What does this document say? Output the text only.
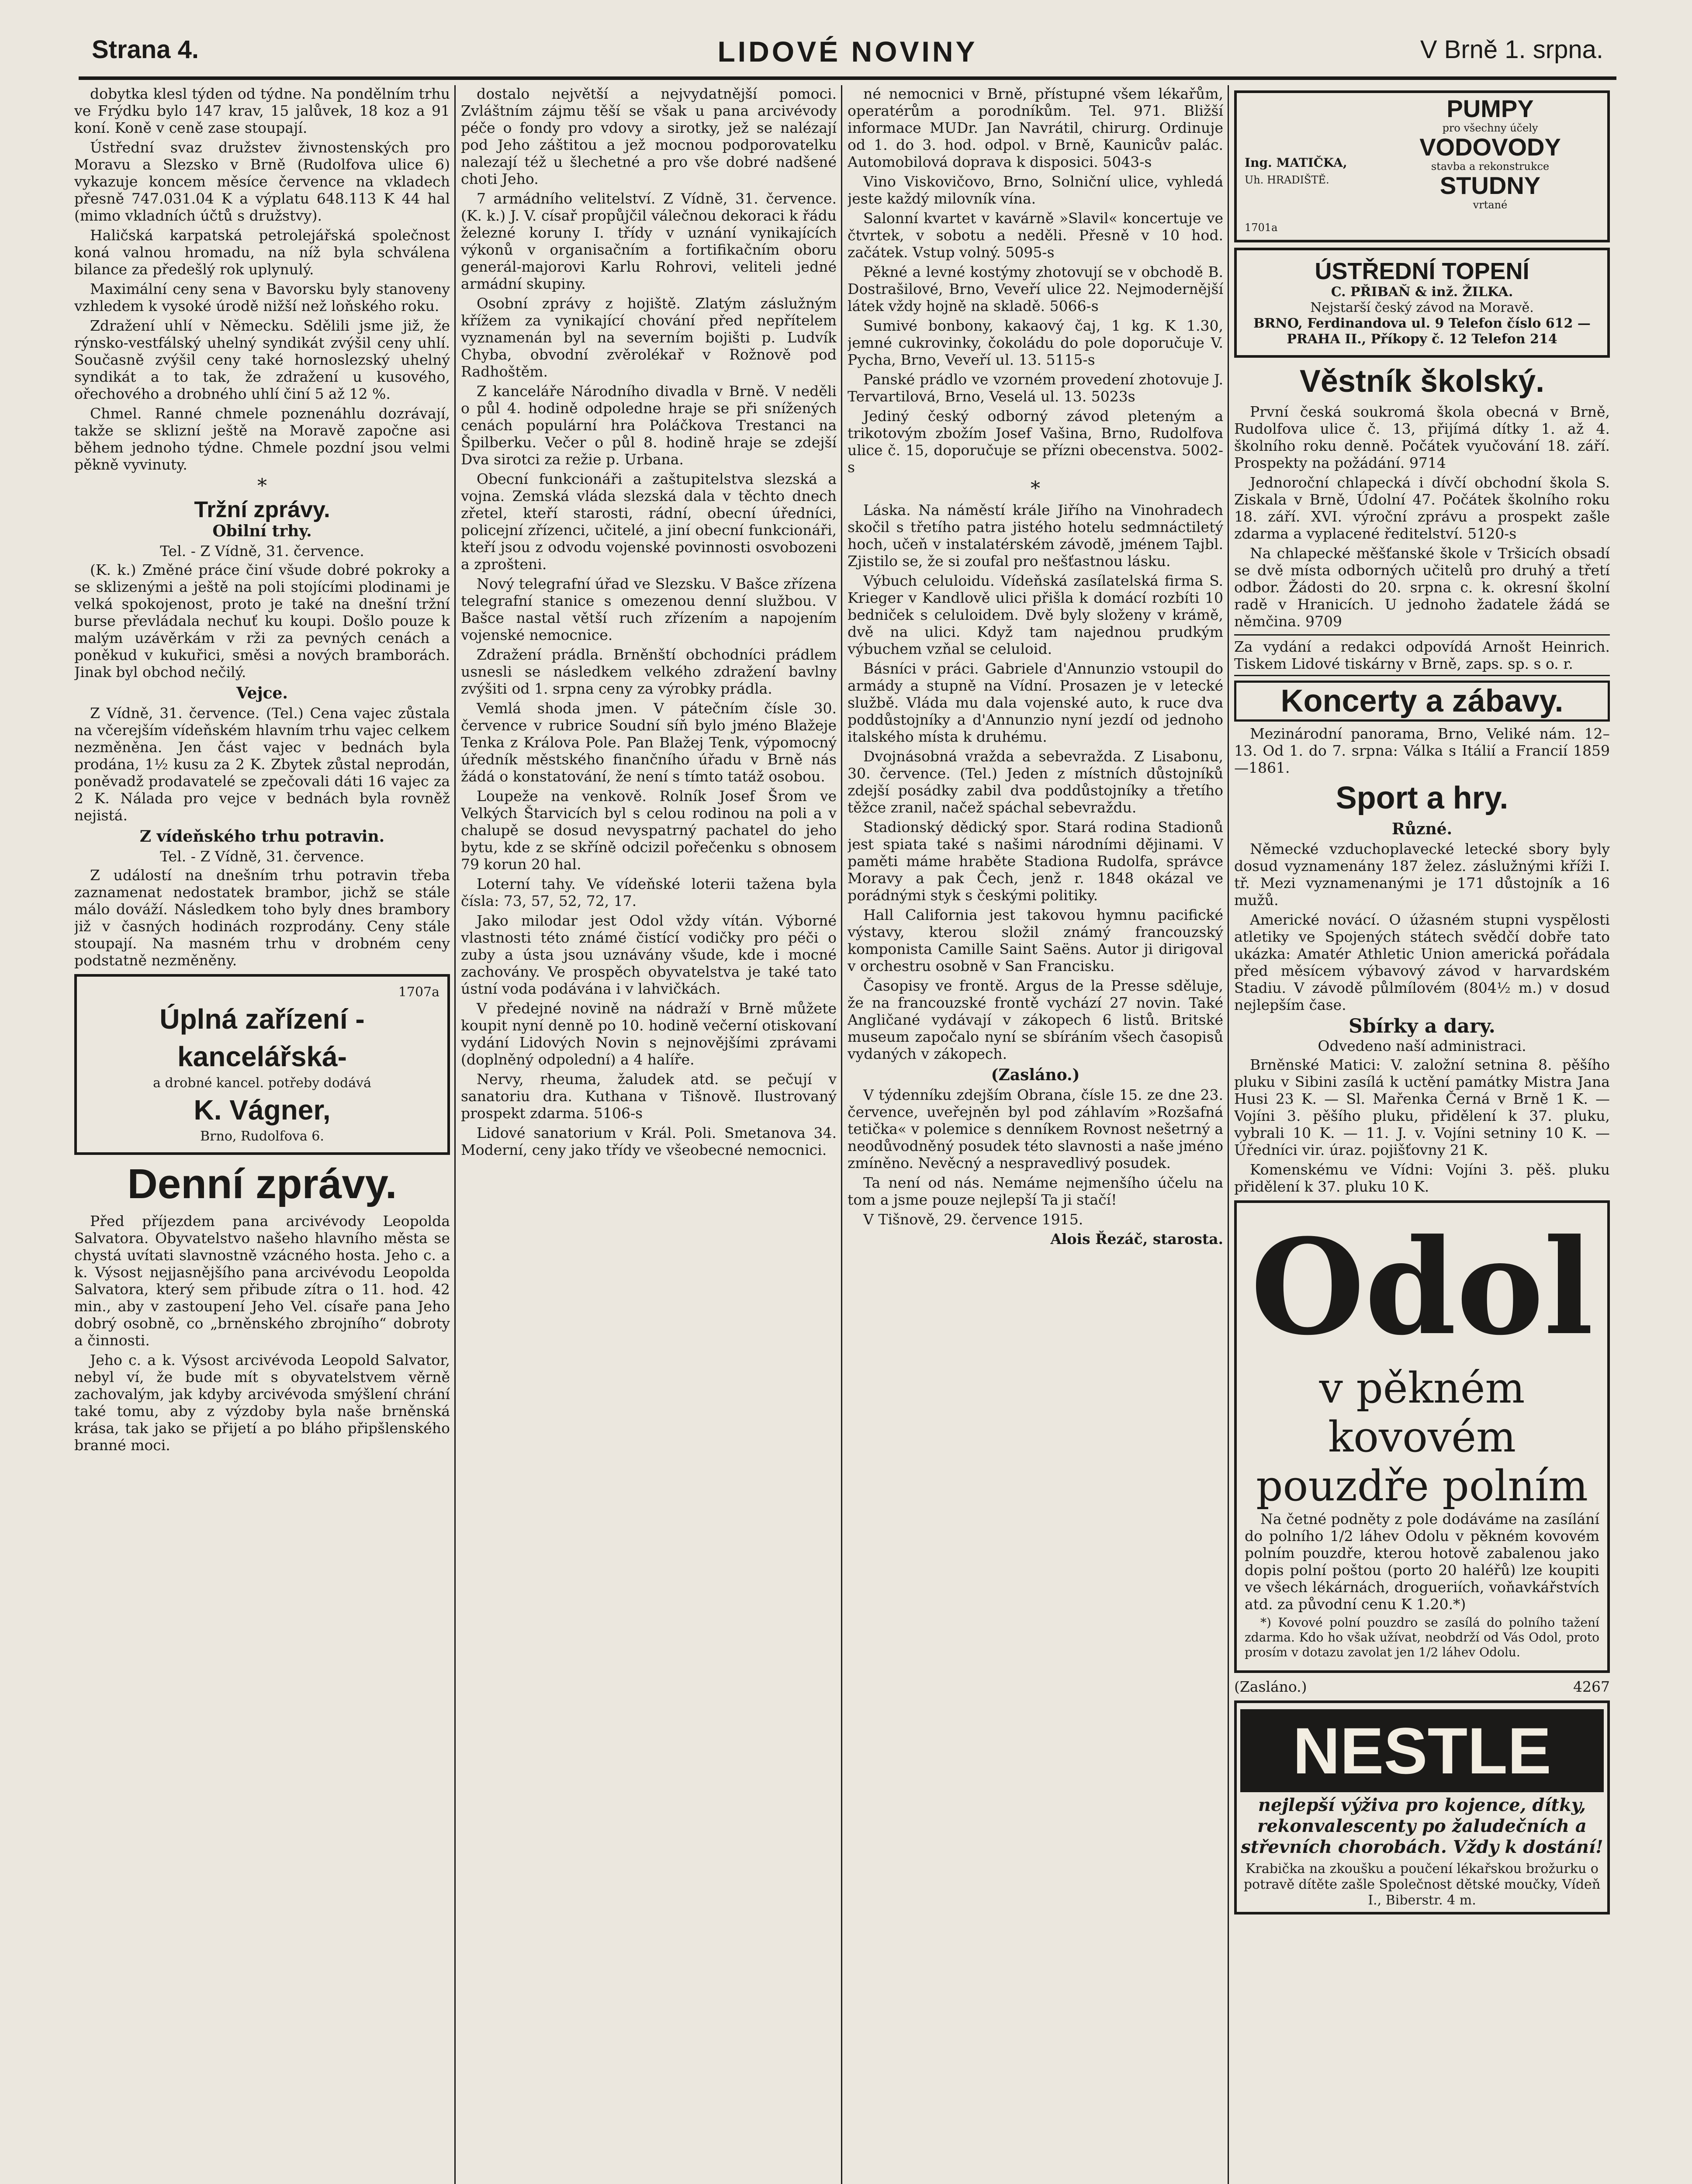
Strana 4.	LIDOVÉ NOVINY	V Brně 1. srpna.

dobytka klesl týden od týdne. Na pondělním trhu ve Frýdku bylo 147 krav, 15 jalůvek, 18 koz a 91 koní. Koně v ceně zase stoupají.

Ústřední svaz družstev živnostenských pro Moravu a Slezsko v Brně (Rudolfova ulice 6) vykazuje koncem měsíce července na vkladech přesně 747.031.04 K a výplatu 648.113 K 44 hal (mimo vkladních účtů s družstvy).

Haličská karpatská petrolejářská společnost koná valnou hromadu, na níž byla schválena bilance za předešlý rok uplynulý.

Maximální ceny sena v Bavorsku byly stanoveny vzhledem k vysoké úrodě nižší než loňského roku.

Zdražení uhlí v Německu. Sdělili jsme již, že rýnsko-vestfálský uhelný syndikát zvýšil ceny uhlí. Současně zvýšil ceny také hornoslezský uhelný syndikát a to tak, že zdražení u kusového, ořechového a drobného uhlí činí 5 až 12 %.

Chmel. Ranné chmele poznenáhlu dozrávají, takže se sklizní ještě na Moravě započne asi během jednoho týdne. Chmele pozdní jsou velmi pěkně vyvinuty.

*
Tržní zprávy.
Obilní trhy.
Tel. - Z Vídně, 31. července.

(K. k.) Změné práce činí všude dobré pokroky a se sklizenými a ještě na poli stojícími plodinami je velká spokojenost, proto je také na dnešní tržní burse převládala nechuť ku koupi. Došlo pouze k malým uzávěrkám v rži za pevných cenách a poněkud v kukuřici, směsi a nových bramborách. Jinak byl obchod nečilý.

Vejce.

Z Vídně, 31. července. (Tel.) Cena vajec zůstala na včerejším vídeňském hlavním trhu vajec celkem nezměněna. Jen část vajec v bednách byla prodána, 1½ kusu za 2 K. Zbytek zůstal neprodán, poněvadž prodavatelé se zpečovali dáti 16 vajec za 2 K. Nálada pro vejce v bednách byla rovněž nejistá.

Z vídeňského trhu potravin.
Tel. - Z Vídně, 31. července.

Z událostí na dnešním trhu potravin třeba zaznamenat nedostatek brambor, jichž se stále málo dováží. Následkem toho byly dnes brambory již v časných hodinách rozprodány. Ceny stále stoupají. Na masném trhu v drobném ceny podstatně nezměněny.

1707a
Úplná zařízení -kancelářská-
a drobné kancel. potřeby dodává
K. Vágner,
Brno, Rudolfova 6.
Denní zprávy.

Před příjezdem pana arcivévody Leopolda Salvatora. Obyvatelstvo našeho hlavního města se chystá uvítati slavnostně vzácného hosta. Jeho c. a k. Výsost nejjasnějšího pana arcivévodu Leopolda Salvatora, který sem přibude zítra o 11. hod. 42 min., aby v zastoupení Jeho Vel. císaře pana Jeho dobrý osobně, co „brněnského zbrojního“ dobroty a činnosti.

Jeho c. a k. Výsost arcivévoda Leopold Salvator, nebyl ví, že bude mít s obyvatelstvem věrně zachovalým, jak kdyby arcivévoda smýšlení chrání také tomu, aby z výzdoby byla naše brněnská krása, tak jako se přijetí a po bláho připšlenského branné moci.

dostalo největší a nejvydatnější pomoci. Zvláštním zájmu těší se však u pana arcivévody péče o fondy pro vdovy a sirotky, jež se nalézají pod Jeho záštitou a jež mocnou podporovatelku nalezají též u šlechetné a pro vše dobré nadšené choti Jeho.

7 armádního velitelství. Z Vídně, 31. července. (K. k.) J. V. císař propůjčil válečnou dekoraci k řádu železné koruny I. třídy v uznání vynikajících výkonů v organisačním a fortifikačním oboru generál-majorovi Karlu Rohrovi, veliteli jedné armádní skupiny.

Osobní zprávy z hojiště. Zlatým záslužným křížem za vynikající chování před nepřítelem vyznamenán byl na severním bojišti p. Ludvík Chyba, obvodní zvěrolékař v Rožnově pod Radhoštěm.

Z kanceláře Národního divadla v Brně. V neděli o půl 4. hodině odpoledne hraje se při snížených cenách populární hra Poláčkova Trestanci na Špilberku. Večer o půl 8. hodině hraje se zdejší Dva sirotci za režie p. Urbana.

Obecní funkcionáři a zaštupitelstva slezská a vojna. Zemská vláda slezská dala v těchto dnech zřetel, kteří starosti, rádní, obecní úředníci, policejní zřízenci, učitelé, a jiní obecní funkcionáři, kteří jsou z odvodu vojenské povinnosti osvobozeni a zprošteni.

Nový telegrafní úřad ve Slezsku. V Bašce zřízena telegrafní stanice s omezenou denní službou. V Bašce nastal větší ruch zřízením a napojením vojenské nemocnice.

Zdražení prádla. Brněnští obchodníci prádlem usnesli se následkem velkého zdražení bavlny zvýšiti od 1. srpna ceny za výrobky prádla.

Vemlá shoda jmen. V pátečním čísle 30. července v rubrice Soudní síň bylo jméno Blažeje Tenka z Králova Pole. Pan Blažej Tenk, výpomocný úředník městského finančního úřadu v Brně nás žádá o konstatování, že není s tímto tatáž osobou.

Loupeže na venkově. Rolník Josef Šrom ve Velkých Štarvicích byl s celou rodinou na poli a v chalupě se dosud nevyspatrný pachatel do jeho bytu, kde z se skříně odcizil pořečenku s obnosem 79 korun 20 hal.

Loterní tahy. Ve vídeňské loterii tažena byla čísla: 73, 57, 52, 72, 17.

Jako milodar jest Odol vždy vítán. Výborné vlastnosti této známé čistící vodičky pro péči o zuby a ústa jsou uznávány všude, kde i mocné zachovány. Ve prospěch obyvatelstva je také tato ústní voda podávána i v lahvičkách.

V předejné novině na nádraží v Brně můžete koupit nyní denně po 10. hodině večerní otiskovaní vydání Lidových Novin s nejnovějšími zprávami (doplněný odpolední) a 4 halíře.

Nervy, rheuma, žaludek atd. se pečují v sanatoriu dra. Kuthana v Tišnově. Ilustrovaný prospekt zdarma. 5106-s

Lidové sanatorium v Král. Poli. Smetanova 34. Moderní, ceny jako třídy ve všeobecné nemocnici.

né nemocnici v Brně, přístupné všem lékařům, operatérům a porodníkům. Tel. 971. Bližší informace MUDr. Jan Navrátil, chirurg. Ordinuje od 1. do 3. hod. odpol. v Brně, Kaunicův palác. Automobilová doprava k disposici. 5043-s

Vino Viskovičovo, Brno, Solniční ulice, vyhledá jeste každý milovník vína.

Salonní kvartet v kavárně »Slavil« koncertuje ve čtvrtek, v sobotu a neděli. Přesně v 10 hod. začátek. Vstup volný. 5095-s

Pěkné a levné kostýmy zhotovují se v obchodě B. Dostrašilové, Brno, Veveří ulice 22. Nejmodernější látek vždy hojně na skladě. 5066-s

Sumivé bonbony, kakaový čaj, 1 kg. K 1.30, jemné cukrovinky, čokoládu do pole doporučuje V. Pycha, Brno, Veveří ul. 13. 5115-s

Panské prádlo ve vzorném provedení zhotovuje J. Tervartilová, Brno, Veselá ul. 13. 5023s

Jediný český odborný závod pleteným a trikotovým zbožím Josef Vašina, Brno, Rudolfova ulice č. 15, doporučuje se přízni obecenstva. 5002-s

*

Láska. Na náměstí krále Jiřího na Vinohradech skočil s třetího patra jistého hotelu sedmnáctiletý hoch, učeň v instalatérském závodě, jménem Tajbl. Zjistilo se, že si zoufal pro nešťastnou lásku.

Výbuch celuloidu. Vídeňská zasílatelská firma S. Krieger v Kandlově ulici přišla k domácí rozbíti 10 bedniček s celuloidem. Dvě byly složeny v krámě, dvě na ulici. Když tam najednou prudkým výbuchem vzňal se celuloid.

Básníci v práci. Gabriele d'Annunzio vstoupil do armády a stupně na Vídní. Prosazen je v letecké službě. Vláda mu dala vojenské auto, k ruce dva poddůstojníky a d'Annunzio nyní jezdí od jednoho italského místa k druhému.

Dvojnásobná vražda a sebevražda. Z Lisabonu, 30. července. (Tel.) Jeden z místních důstojníků zdejší posádky zabil dva poddůstojníky a třetího těžce zranil, načež spáchal sebevraždu.

Stadionský dědický spor. Stará rodina Stadionů jest spiata také s našimi národními dějinami. V paměti máme hraběte Stadiona Rudolfa, správce Moravy a pak Čech, jenž r. 1848 okázal ve porádnými styk s českými politiky.

Hall California jest takovou hymnu pacifické výstavy, kterou složil známý francouzský komponista Camille Saint Saëns. Autor ji dirigoval v orchestru osobně v San Francisku.

Časopisy ve frontě. Argus de la Presse sděluje, že na francouzské frontě vychází 27 novin. Také Angličané vydávají v zákopech 6 listů. Britské museum započalo nyní se sbíráním všech časopisů vydaných v zákopech.

(Zasláno.)

V týdenníku zdejším Obrana, čísle 15. ze dne 23. července, uveřejněn byl pod záhlavím »Rozšafná tetička« v polemice s denníkem Rovnost nešetrný a neodůvodněný posudek této slavnosti a naše jméno zmíněno. Nevěcný a nespravedlivý posudek.

Ta není od nás. Nemáme nejmenšího účelu na tom a jsme pouze nejlepší Ta ji stačí!

V Tišnově, 29. července 1915.

Alois Řezáč, starosta.

Ing. MATIČKA,
Uh. HRADIŠTĚ.
PUMPY
pro všechny účely
VODOVODY
stavba a rekonstrukce
STUDNY
vrtané
1701a
ÚSTŘEDNÍ TOPENÍ
C. PŘIBAŇ & inž. ŽILKA.
Nejstarší český závod na Moravě.
BRNO, Ferdinandova ul. 9 Telefon číslo 612 — PRAHA II., Příkopy č. 12 Telefon 214
Věstník školský.

První česká soukromá škola obecná v Brně, Rudolfova ulice č. 13, přijímá dítky 1. až 4. školního roku denně. Počátek vyučování 18. září. Prospekty na požádání. 9714

Jednoroční chlapecká i dívčí obchodní škola S. Ziskala v Brně, Údolní 47. Počátek školního roku 18. září. XVI. výroční zprávu a prospekt zašle zdarma a vyplacené ředitelství. 5120-s

Na chlapecké měšťanské škole v Tršicích obsadí se dvě místa odborných učitelů pro druhý a třetí odbor. Žádosti do 20. srpna c. k. okresní školní radě v Hranicích. U jednoho žadatele žádá se němčina. 9709

Za vydání a redakci odpovídá Arnošt Heinrich. Tiskem Lidové tiskárny v Brně, zaps. sp. s o. r.

Koncerty a zábavy.

Mezinárodní panorama, Brno, Veliké nám. 12–13. Od 1. do 7. srpna: Válka s Itálií a Francií 1859—1861.

Sport a hry.
Různé.

Německé vzduchoplavecké letecké sbory byly dosud vyznamenány 187 želez. záslužnými kříži I. tř. Mezi vyznamenanými je 171 důstojník a 16 mužů.

Americké novácí. O úžasném stupni vyspělosti atletiky ve Spojených státech svědčí dobře tato ukázka: Amatér Athletic Union americká pořádala před měsícem výbavový závod v harvardském Stadiu. V závodě půlmílovém (804½ m.) v dosud nejlepším čase.

Sbírky a dary.
Odvedeno naší administraci.

Brněnské Matici: V. založní setnina 8. pěšího pluku v Sibini zasílá k uctění památky Mistra Jana Husi 23 K. — Sl. Mařenka Černá v Brně 1 K. — Vojíni 3. pěšího pluku, přidělení k 37. pluku, vybrali 10 K. — 11. J. v. Vojíni setniny 10 K. — Úředníci vir. úraz. pojišťovny 21 K.

Komenskému ve Vídni: Vojíni 3. pěš. pluku přidělení k 37. pluku 10 K.

Odol
v pěkném kovovém pouzdře polním

Na četné podněty z pole dodáváme na zasílání do polního 1/2 láhev Odolu v pěkném kovovém polním pouzdře, kterou hotově zabalenou jako dopis polní poštou (porto 20 haléřů) lze koupiti ve všech lékárnách, drogueriích, voňavkářstvích atd. za původní cenu K 1.20.*)

*) Kovové polní pouzdro se zasílá do polního tažení zdarma. Kdo ho však užívat, neobdrží od Vás Odol, proto prosím v dotazu zavolat jen 1/2 láhev Odolu.

(Zasláno.)	4267
NESTLE
nejlepší výživa pro kojence, dítky, rekonvalescenty po žaludečních a střevních chorobách. Vždy k dostání!
Krabička na zkoušku a poučení lékařskou brožurku o potravě dítěte zašle Společnost dětské moučky, Vídeň I., Biberstr. 4 m.
